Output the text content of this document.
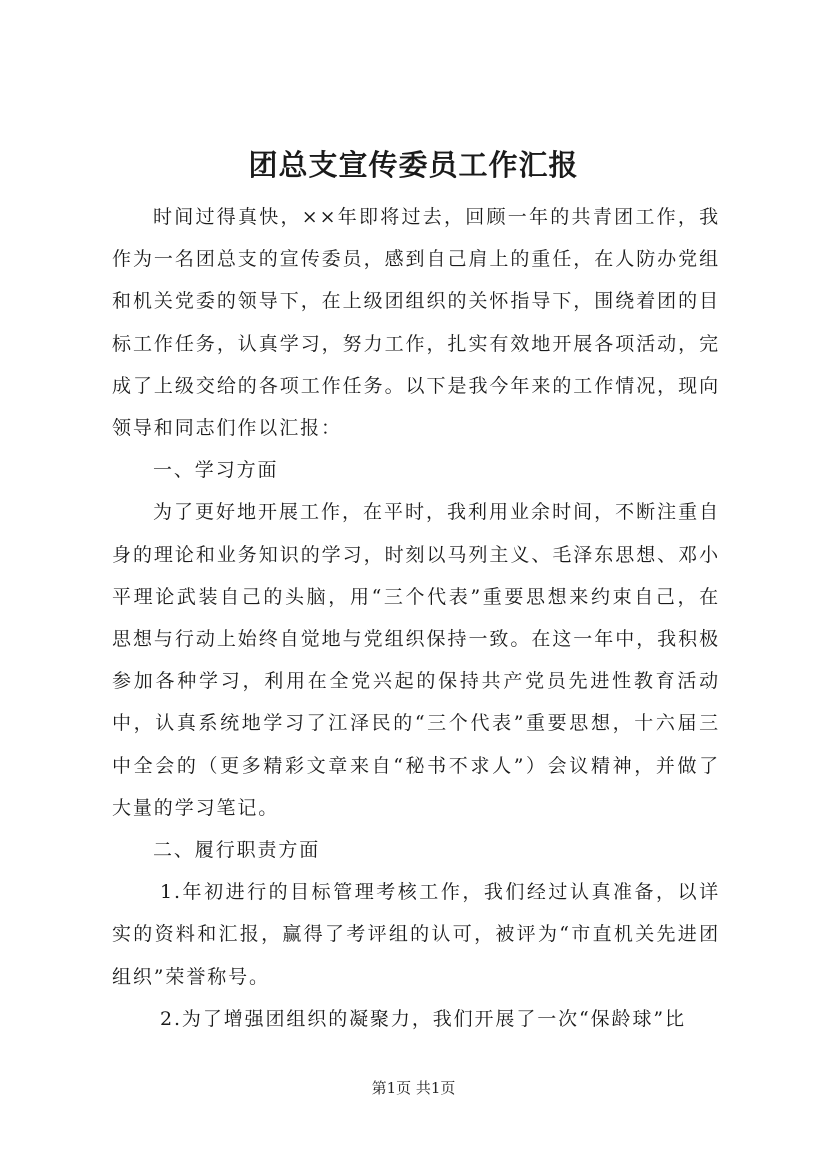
团总支宣传委员工作汇报

时间过得真快，××年即将过去，回顾一年的共青团工作，我作为一名团总支的宣传委员，感到自己肩上的重任，在人防办党组和机关党委的领导下，在上级团组织的关怀指导下，围绕着团的目标工作任务，认真学习，努力工作，扎实有效地开展各项活动，完成了上级交给的各项工作任务。以下是我今年来的工作情况，现向领导和同志们作以汇报：

一、学习方面

为了更好地开展工作，在平时，我利用业余时间，不断注重自身的理论和业务知识的学习，时刻以马列主义、毛泽东思想、邓小平理论武装自己的头脑，用“三个代表”重要思想来约束自己，在思想与行动上始终自觉地与党组织保持一致。在这一年中，我积极参加各种学习，利用在全党兴起的保持共产党员先进性教育活动中，认真系统地学习了江泽民的“三个代表”重要思想，十六届三中全会的（更多精彩文章来自“秘书不求人”）会议精神，并做了大量的学习笔记。

二、履行职责方面

1.年初进行的目标管理考核工作，我们经过认真准备，以详实的资料和汇报，赢得了考评组的认可，被评为“市直机关先进团组织”荣誉称号。

2.为了增强团组织的凝聚力，我们开展了一次“保龄球”比

第1页 共1页
